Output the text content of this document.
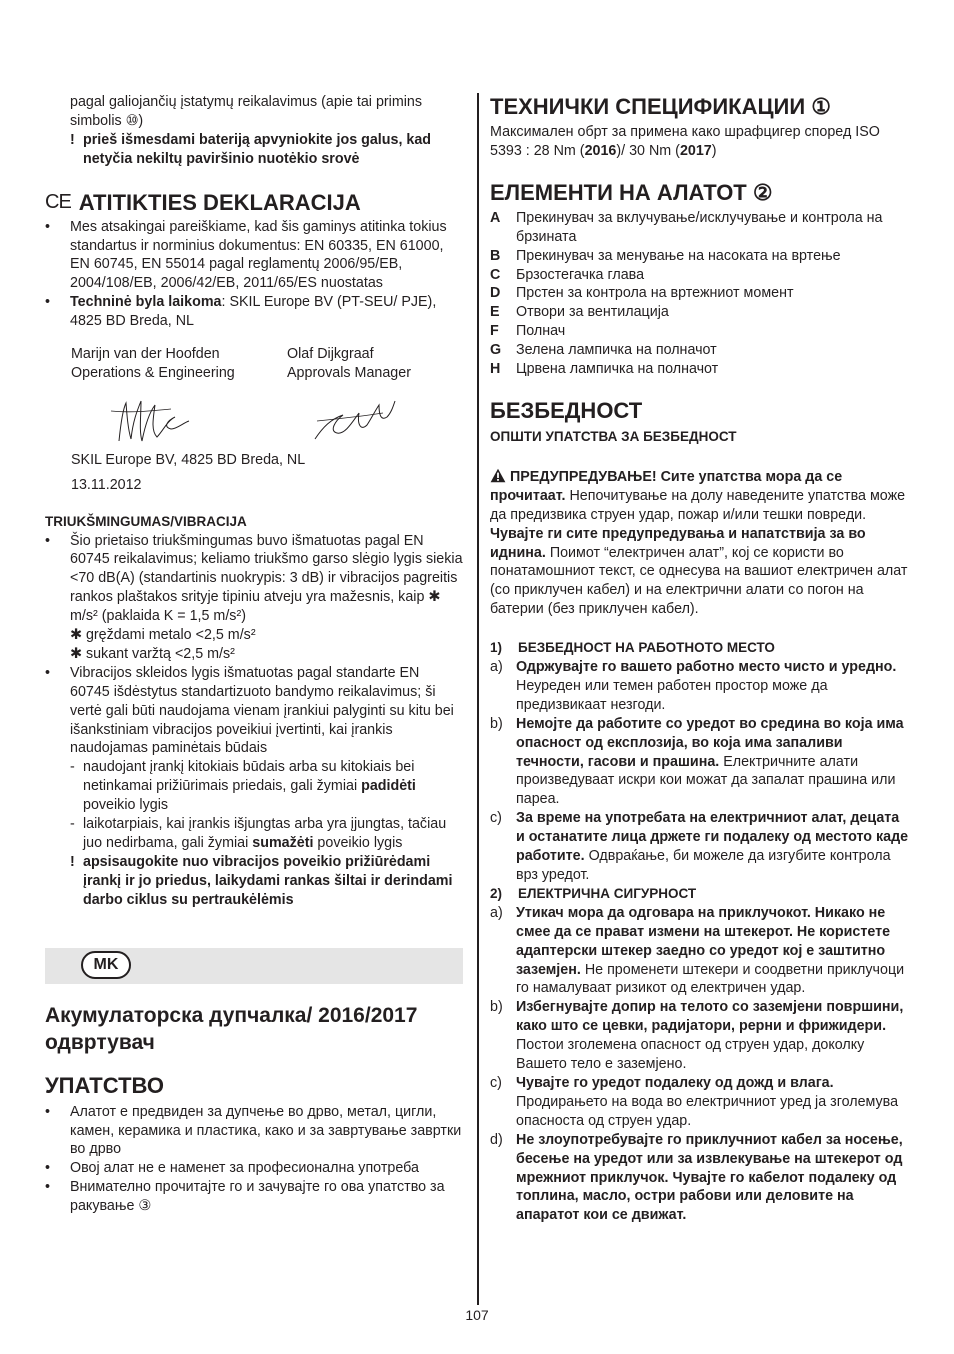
pagal galiojančių įstatymų reikalavimus (apie tai primins
simbolis ⑩)

! prieš išmesdami bateriją apvyniokite jos galus, kad netyčia nekiltų paviršinio nuotėkio srovė

CE ATITIKTIES DEKLARACIJA

• Mes atsakingai pareiškiame, kad šis gaminys atitinka tokius standartus ir norminius dokumentus: EN 60335, EN 61000, EN 60745, EN 55014 pagal reglamentų 2006/95/EB, 2004/108/EB, 2006/42/EB, 2011/65/ES nuostatas

• Techninė byla laikoma: SKIL Europe BV (PT-SEU/ PJE), 4825 BD Breda, NL

Marijn van der Hoofden

Operations & Engineering

Olaf Dijkgraaf

Approvals Manager

SKIL Europe BV, 4825 BD Breda, NL

13.11.2012

TRIUKŠMINGUMAS/VIBRACIJA

• Šio prietaiso triukšmingumas buvo išmatuotas pagal EN 60745 reikalavimus; keliamo triukšmo garso slėgio lygis siekia <70 dB(A) (standartinis nuokrypis: 3 dB) ir vibracijos pagreitis rankos plaštakos srityje tipiniu atveju yra mažesnis, kaip ✱ m/s² (paklaida K = 1,5 m/s²)

✱ gręždami metalo <2,5 m/s²

✱ sukant varžtą <2,5 m/s²

• Vibracijos skleidos lygis išmatuotas pagal standarte EN 60745 išdėstytus standartizuoto bandymo reikalavimus; ši vertė gali būti naudojama vienam įrankiui palyginti su kitu bei išankstiniam vibracijos poveikiui įvertinti, kai įrankis naudojamas paminėtais būdais

- naudojant įrankį kitokiais būdais arba su kitokiais bei netinkamai prižiūrimais priedais, gali žymiai padidėti poveikio lygis

- laikotarpiais, kai įrankis išjungtas arba yra įjungtas, tačiau juo nedirbama, gali žymiai sumažėti poveikio lygis

! apsisaugokite nuo vibracijos poveikio prižiūrėdami įrankį ir jo priedus, laikydami rankas šiltai ir derindami darbo ciklus su pertraukėlėmis

MK

Акумулаторска дупчалка/ 2016/2017 одвртувач

УПАТСТВО

• Алатот е предвиден за дупчење во дрво, метал, цигли, камен, керамика и пластика, како и за завртување завртки во дрво

• Овој алат не е наменет за професионална употреба

• Внимателно прочитајте го и зачувајте го ова упатство за ракување ③

ТЕХНИЧКИ СПЕЦИФИКАЦИИ ①

Максимален обрт за примена како шрафцигер според ISO 5393 : 28 Nm (2016)/ 30 Nm (2017)

ЕЛЕМЕНТИ НА АЛАТОТ ②

A Прекинувач за вклучување/исклучување и контрола на брзината

B Прекинувач за менување на насоката на вртење

C Брзостегачка глава

D Прстен за контрола на вртежниот момент

E Отвори за вентилација

F Полнач

G Зелена лампичка на полначот

H Црвена лампичка на полначот

БЕЗБЕДНОСТ

ОПШТИ УПАТСТВА ЗА БЕЗБЕДНОСТ

ПРЕДУПРЕДУВАЊЕ! Сите упатства мора да се прочитаат. Непочитување на долу наведените упатства може да предизвика струен удар, пожар и/или тешки повреди. Чувајте ги сите предупредувања и напатствија за во иднина. Поимот “електричен алат”, кој се користи во понатамошниот текст, се однесува на вашиот електричен алат (со приклучен кабел) и на електрични алати со погон на батерии (без приклучен кабел).

1) БЕЗБЕДНОСТ НА РАБОТНОТО МЕСТО

a) Одржувајте го вашето работно место чисто и уредно. Неуреден или темен работен простор може да предизвикаат незгоди.

b) Немојте да работите со уредот во средина во која има опасност од експлозија, во која има запаливи течности, гасови и прашина. Електричните алати произведуваат искри кои можат да запалат прашина или пареа.

c) За време на употребата на електричниот алат, децата и останатите лица држете ги подалеку од местото каде работите. Одвраќање, би можеле да изгубите контрола врз уредот.

2) ЕЛЕКТРИЧНА СИГУРНОСТ

a) Утикач мора да одговара на приклучокот. Никако не смее да се прават измени на штекерот. Не користете адаптерски штекер заедно со уредот кој е заштитно заземјен. Не променети штекери и соодветни приклучоци го намалуваат ризикот од електричен удар.

b) Избегнувајте допир на телото со заземјени површини, како што се цевки, радијатори, рерни и фрижидери. Постои зголемена опасност од струен удар, доколку Вашето тело е заземјено.

c) Чувајте го уредот подалеку од дожд и влага. Продирањето на вода во електричниот уред ја зголемува опасноста од струен удар.

d) Не злоупотребувајте го приклучниот кабел за носење, бесење на уредот или за извлекување на штекерот од мрежниот приклучок. Чувајте го кабелот подалеку од топлина, масло, остри рабови или деловите на апаратот кои се движат.

107
